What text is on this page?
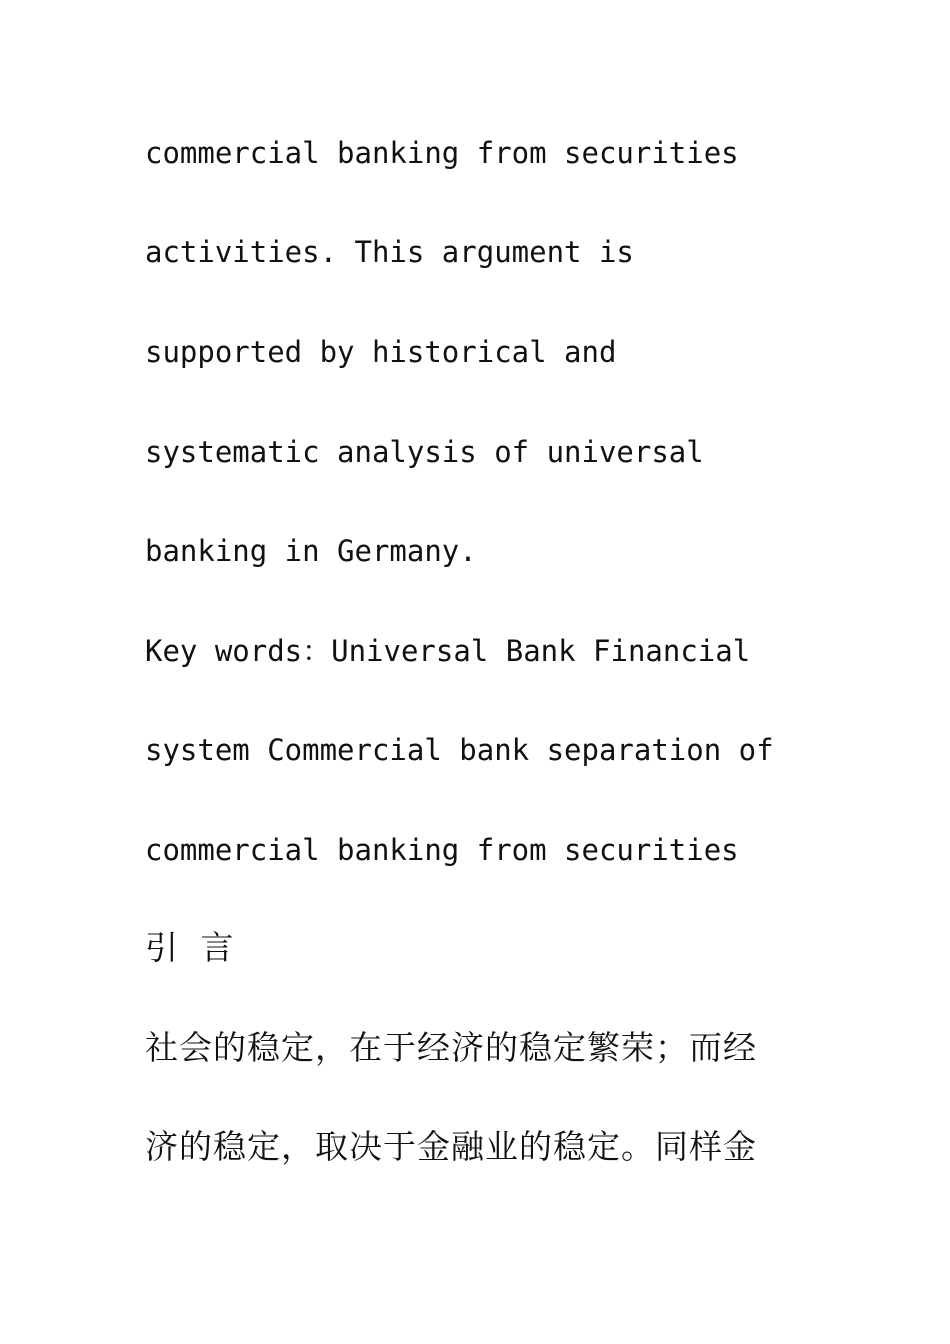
commercial banking from securities
activities. This argument is
supported by historical and
systematic analysis of universal
banking in Germany.
Key words：Universal Bank Financial
system Commercial bank separation of
commercial banking from securities
引 言
社会的稳定，在于经济的稳定繁荣；而经
济的稳定，取决于金融业的稳定。同样金
